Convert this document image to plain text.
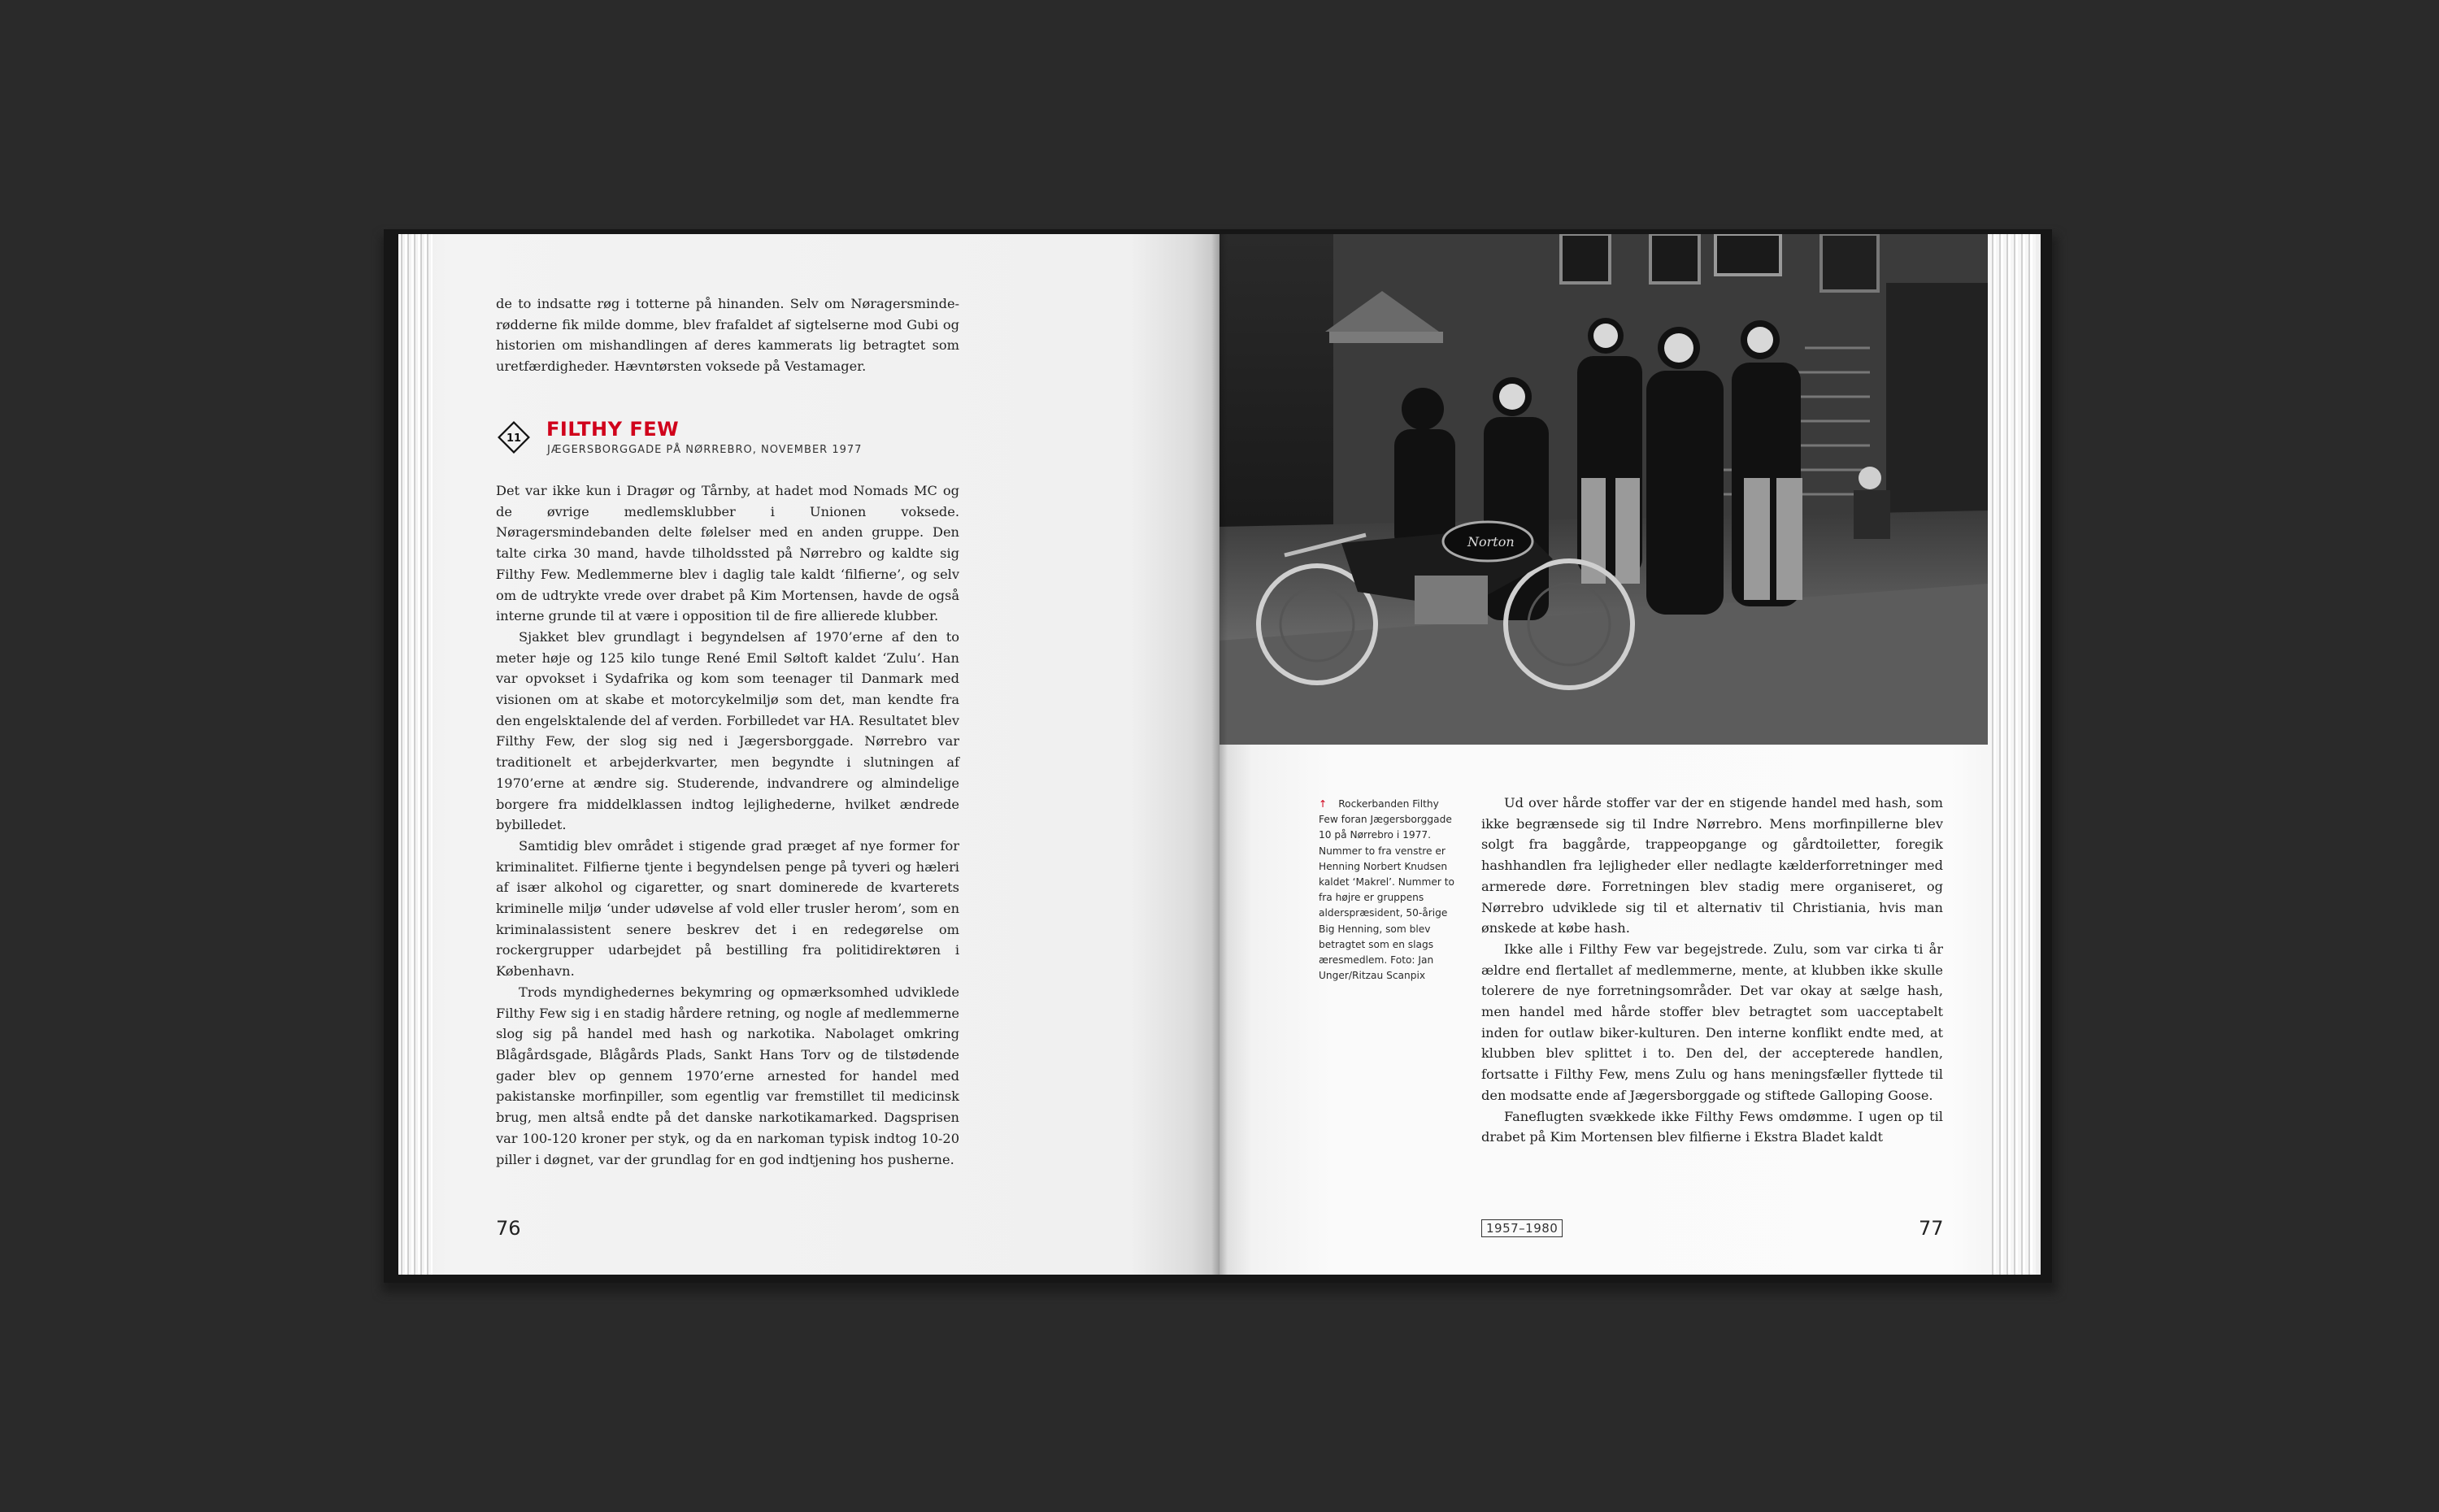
de to indsatte røg i totterne på hinanden. Selv om Nøragersminde-rødderne fik milde domme, blev frafaldet af sigtelserne mod Gubi og historien om mishandlingen af deres kammerats lig betragtet som uretfærdigheder. Hævntørsten voksede på Vestamager.

11 FILTHY FEW
JÆGERSBORGGADE PÅ NØRREBRO, NOVEMBER 1977

Det var ikke kun i Dragør og Tårnby, at hadet mod Nomads MC og de øvrige medlemsklubber i Unionen voksede. Nøragersmindebanden delte følelser med en anden gruppe. Den talte cirka 30 mand, havde tilholdssted på Nørrebro og kaldte sig Filthy Few. Medlemmerne blev i daglig tale kaldt ‘filfierne’, og selv om de udtrykte vrede over drabet på Kim Mortensen, havde de også interne grunde til at være i opposition til de fire allierede klubber.

Sjakket blev grundlagt i begyndelsen af 1970’erne af den to meter høje og 125 kilo tunge René Emil Søltoft kaldet ‘Zulu’. Han var opvokset i Sydafrika og kom som teenager til Danmark med visionen om at skabe et motorcykelmiljø som det, man kendte fra den engelsktalende del af verden. Forbilledet var HA. Resultatet blev Filthy Few, der slog sig ned i Jægersborggade. Nørrebro var traditionelt et arbejderkvarter, men begyndte i slutningen af 1970’erne at ændre sig. Studerende, indvandrere og almindelige borgere fra middelklassen indtog lejlighederne, hvilket ændrede bybilledet.

Samtidig blev området i stigende grad præget af nye former for kriminalitet. Filfierne tjente i begyndelsen penge på tyveri og hæleri af især alkohol og cigaretter, og snart dominerede de kvarterets kriminelle miljø ‘under udøvelse af vold eller trusler herom’, som en kriminalassistent senere beskrev det i en redegørelse om rockergrupper udarbejdet på bestilling fra politidirektøren i København.

Trods myndighedernes bekymring og opmærksomhed udviklede Filthy Few sig i en stadig hårdere retning, og nogle af medlemmerne slog sig på handel med hash og narkotika. Nabolaget omkring Blågårdsgade, Blågårds Plads, Sankt Hans Torv og de tilstødende gader blev op gennem 1970’erne arnested for handel med pakistanske morfinpiller, som egentlig var fremstillet til medicinsk brug, men altså endte på det danske narkotikamarked. Dagsprisen var 100-120 kroner per styk, og da en narkoman typisk indtog 10-20 piller i døgnet, var der grundlag for en god indtjening hos pusherne.

76
Norton
↑ Rockerbanden Filthy Few foran Jægersborggade 10 på Nørrebro i 1977. Nummer to fra venstre er Henning Norbert Knudsen kaldet ‘Makrel’. Nummer to fra højre er gruppens alderspræsident, 50-årige Big Henning, som blev betragtet som en slags æresmedlem. Foto: Jan Unger/Ritzau Scanpix

Ud over hårde stoffer var der en stigende handel med hash, som ikke begrænsede sig til Indre Nørrebro. Mens morfinpillerne blev solgt fra baggårde, trappeopgange og gårdtoiletter, foregik hashhandlen fra lejligheder eller nedlagte kælderforretninger med armerede døre. Forretningen blev stadig mere organiseret, og Nørrebro udviklede sig til et alternativ til Christiania, hvis man ønskede at købe hash.

Ikke alle i Filthy Few var begejstrede. Zulu, som var cirka ti år ældre end flertallet af medlemmerne, mente, at klubben ikke skulle tolerere de nye forretningsområder. Det var okay at sælge hash, men handel med hårde stoffer blev betragtet som uacceptabelt inden for outlaw biker-kulturen. Den interne konflikt endte med, at klubben blev splittet i to. Den del, der accepterede handlen, fortsatte i Filthy Few, mens Zulu og hans meningsfæller flyttede til den modsatte ende af Jægersborggade og stiftede Galloping Goose.

Faneflugten svækkede ikke Filthy Fews omdømme. I ugen op til drabet på Kim Mortensen blev filfierne i Ekstra Bladet kaldt

1957–1980	77
